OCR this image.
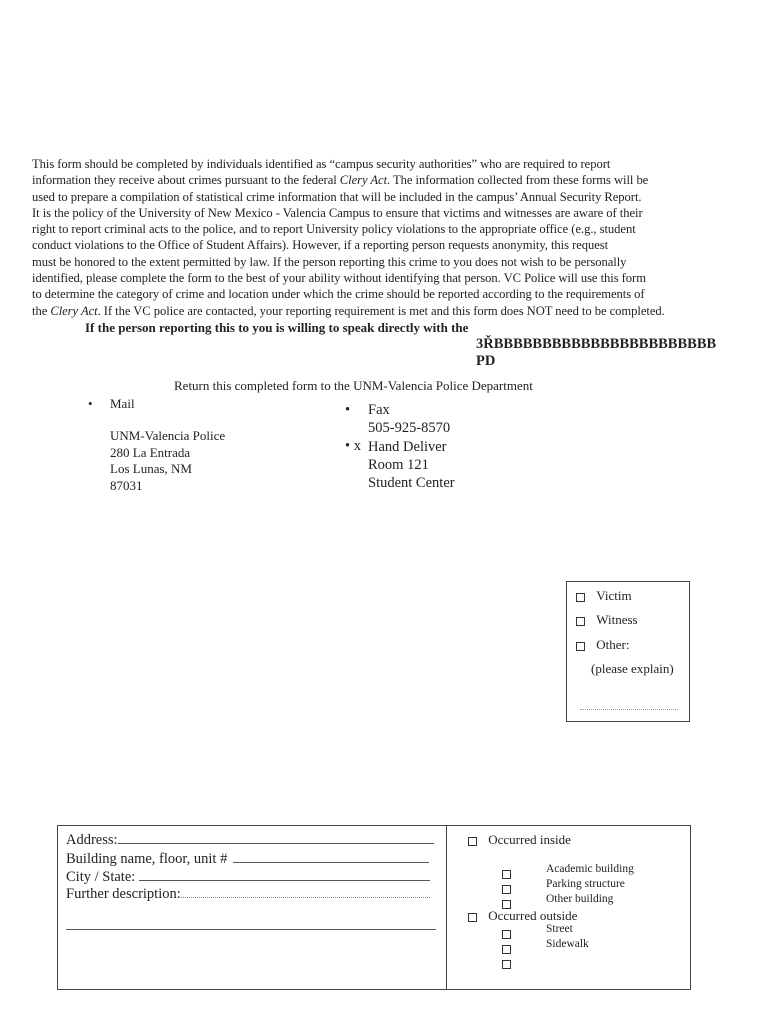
This form should be completed by individuals identified as “campus security authorities” who are required to report
information they receive about crimes pursuant to the federal Clery Act. The information collected from these forms will be
used to prepare a compilation of statistical crime information that will be included in the campus’ Annual Security Report.
It is the policy of the University of New Mexico - Valencia Campus to ensure that victims and witnesses are aware of their
right to report criminal acts to the police, and to report University policy violations to the appropriate office (e.g., student
conduct violations to the Office of Student Affairs). However, if a reporting person requests anonymity, this request
must be honored to the extent permitted by law. If the person reporting this crime to you does not wish to be personally
identified, please complete the form to the best of your ability without identifying that person. VC Police will use this form
to determine the category of crime and location under which the crime should be reported according to the requirements of
the Clery Act. If the VC police are contacted, your reporting requirement is met and this form does NOT need to be completed.
If the person reporting this to you is willing to speak directly with the
3ŘBBBBBBBBBBBBBBBBBBBBBBB
PD
Return this completed form to the UNM-Valencia Police Department
• Mail
UNM-Valencia Police
280 La Entrada
Los Lunas, NM
87031
• Fax
505-925-8570
• x Hand Deliver
Room 121
Student Center
Victim
Witness
Other:
(please explain)
Address:
Building name, floor, unit #
City / State:
Further description:
Occurred inside
Academic building
Parking structure
Other building
Occurred outside
Street
Sidewalk
